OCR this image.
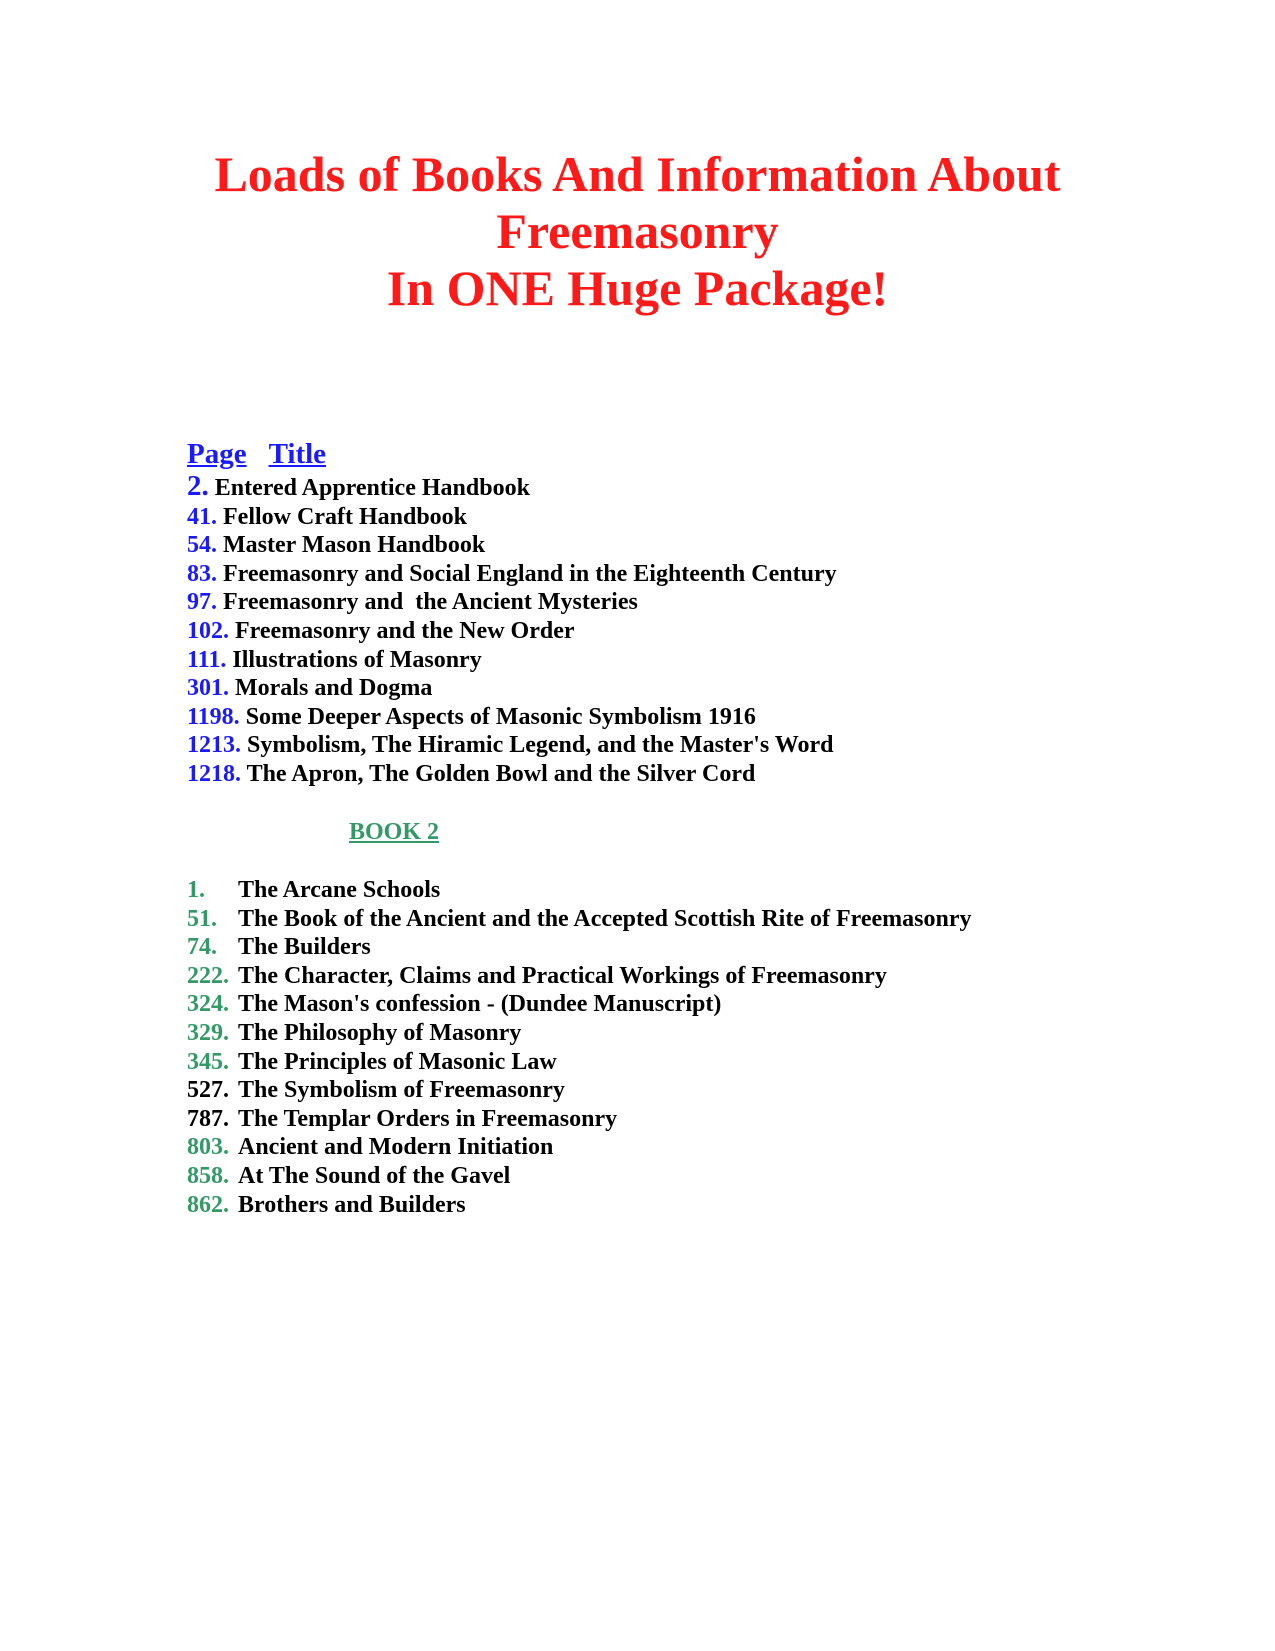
Loads of Books And Information About
Freemasonry
In ONE Huge Package!
Page Title
2. Entered Apprentice Handbook
41. Fellow Craft Handbook
54. Master Mason Handbook
83. Freemasonry and Social England in the Eighteenth Century
97. Freemasonry and  the Ancient Mysteries
102. Freemasonry and the New Order
111. Illustrations of Masonry
301. Morals and Dogma
1198. Some Deeper Aspects of Masonic Symbolism 1916
1213. Symbolism, The Hiramic Legend, and the Master's Word
1218. The Apron, The Golden Bowl and the Silver Cord
BOOK 2
1. The Arcane Schools
51. The Book of the Ancient and the Accepted Scottish Rite of Freemasonry
74. The Builders
222. The Character, Claims and Practical Workings of Freemasonry
324. The Mason's confession - (Dundee Manuscript)
329. The Philosophy of Masonry
345. The Principles of Masonic Law
527. The Symbolism of Freemasonry
787. The Templar Orders in Freemasonry
803. Ancient and Modern Initiation
858. At The Sound of the Gavel
862. Brothers and Builders
